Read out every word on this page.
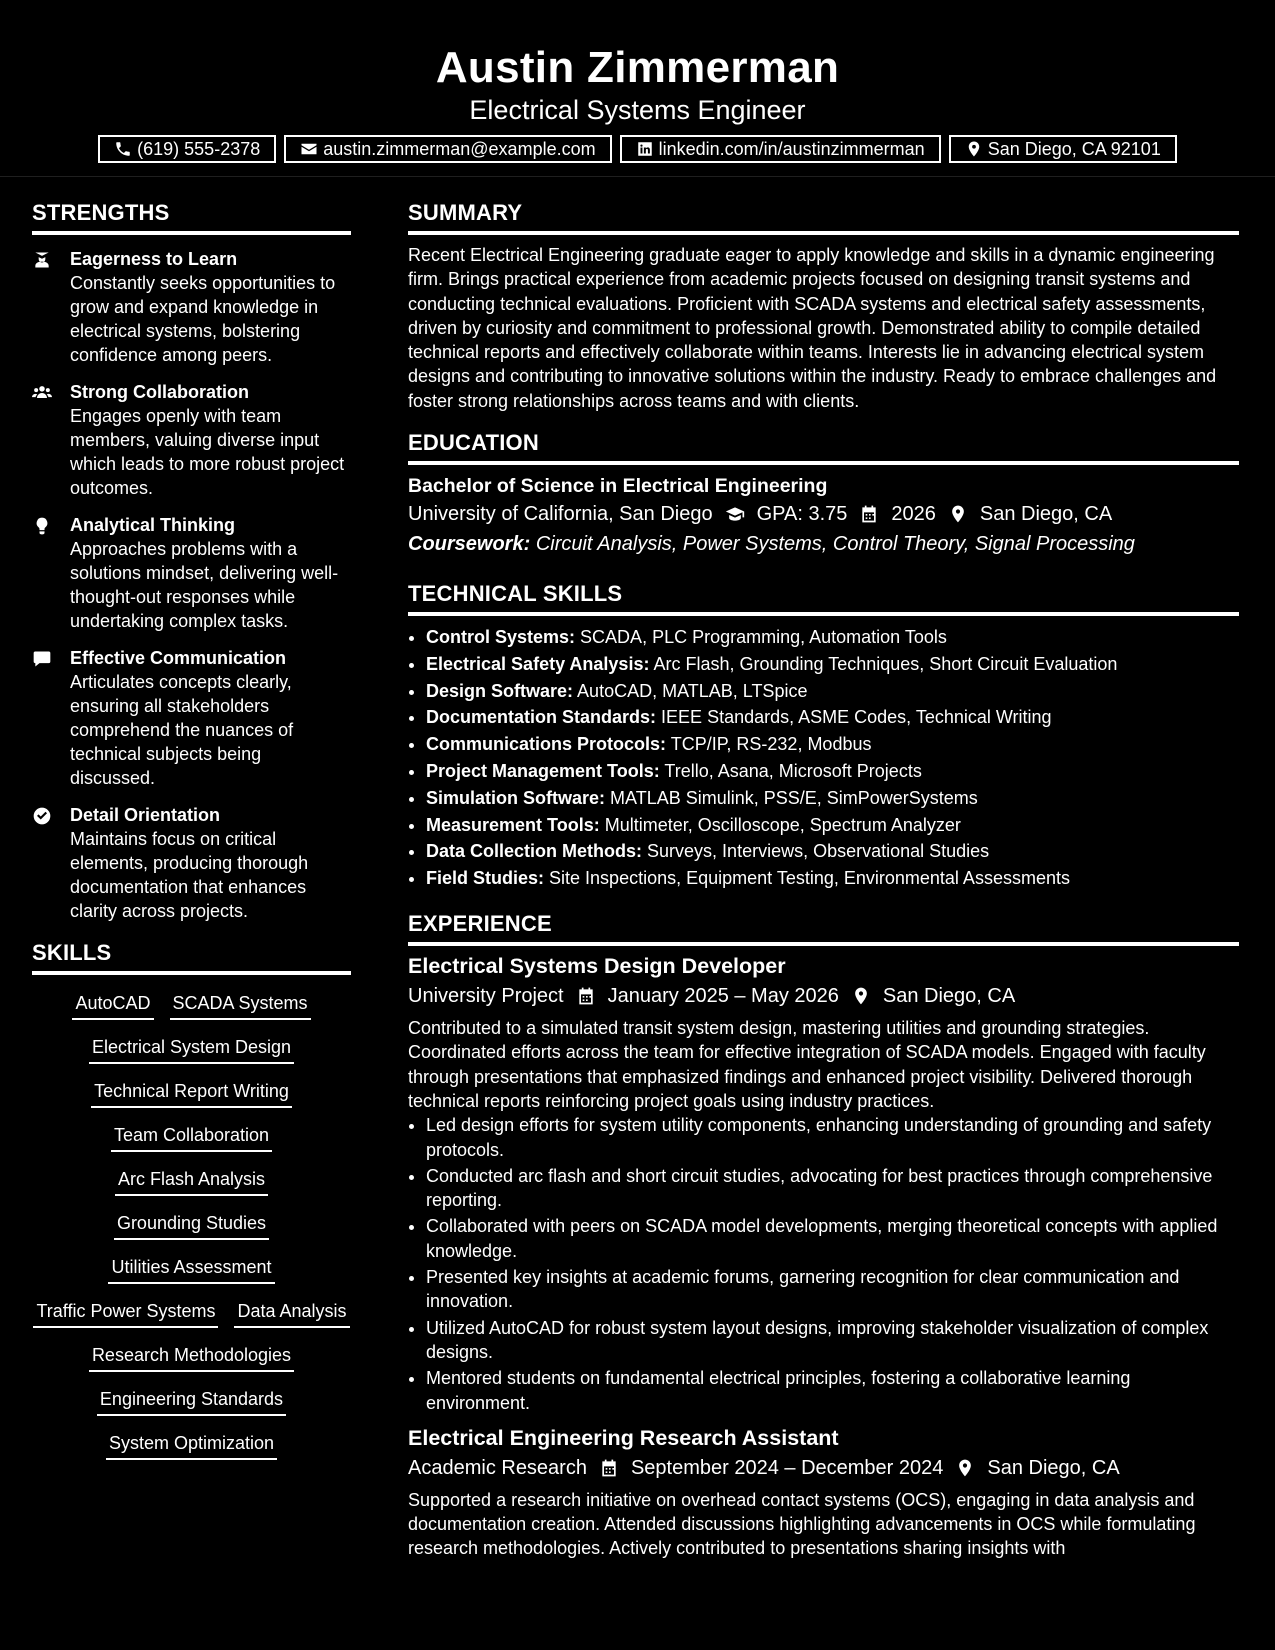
Austin Zimmerman
Electrical Systems Engineer
(619) 555-2378	austin.zimmerman@example.com	linkedin.com/in/austinzimmerman	San Diego, CA 92101
STRENGTHS
Eagerness to Learn
Constantly seeks opportunities to grow and expand knowledge in electrical systems, bolstering confidence among peers.
Strong Collaboration
Engages openly with team members, valuing diverse input which leads to more robust project outcomes.
Analytical Thinking
Approaches problems with a solutions mindset, delivering well-thought-out responses while undertaking complex tasks.
Effective Communication
Articulates concepts clearly, ensuring all stakeholders comprehend the nuances of technical subjects being discussed.
Detail Orientation
Maintains focus on critical elements, producing thorough documentation that enhances clarity across projects.
SKILLS
AutoCAD SCADA Systems
Electrical System Design
Technical Report Writing
Team Collaboration
Arc Flash Analysis
Grounding Studies
Utilities Assessment
Traffic Power Systems Data Analysis
Research Methodologies
Engineering Standards
System Optimization
SUMMARY
Recent Electrical Engineering graduate eager to apply knowledge and skills in a dynamic engineering firm. Brings practical experience from academic projects focused on designing transit systems and conducting technical evaluations. Proficient with SCADA systems and electrical safety assessments, driven by curiosity and commitment to professional growth. Demonstrated ability to compile detailed technical reports and effectively collaborate within teams. Interests lie in advancing electrical system designs and contributing to innovative solutions within the industry. Ready to embrace challenges and foster strong relationships across teams and with clients.
EDUCATION
Bachelor of Science in Electrical Engineering
University of California, San Diego GPA: 3.75 2026 San Diego, CA
Coursework: Circuit Analysis, Power Systems, Control Theory, Signal Processing
TECHNICAL SKILLS
• Control Systems: SCADA, PLC Programming, Automation Tools
• Electrical Safety Analysis: Arc Flash, Grounding Techniques, Short Circuit Evaluation
• Design Software: AutoCAD, MATLAB, LTSpice
• Documentation Standards: IEEE Standards, ASME Codes, Technical Writing
• Communications Protocols: TCP/IP, RS-232, Modbus
• Project Management Tools: Trello, Asana, Microsoft Projects
• Simulation Software: MATLAB Simulink, PSS/E, SimPowerSystems
• Measurement Tools: Multimeter, Oscilloscope, Spectrum Analyzer
• Data Collection Methods: Surveys, Interviews, Observational Studies
• Field Studies: Site Inspections, Equipment Testing, Environmental Assessments
EXPERIENCE
Electrical Systems Design Developer
University Project January 2025 – May 2026 San Diego, CA
Contributed to a simulated transit system design, mastering utilities and grounding strategies. Coordinated efforts across the team for effective integration of SCADA models. Engaged with faculty through presentations that emphasized findings and enhanced project visibility. Delivered thorough technical reports reinforcing project goals using industry practices.
• Led design efforts for system utility components, enhancing understanding of grounding and safety protocols.
• Conducted arc flash and short circuit studies, advocating for best practices through comprehensive reporting.
• Collaborated with peers on SCADA model developments, merging theoretical concepts with applied knowledge.
• Presented key insights at academic forums, garnering recognition for clear communication and innovation.
• Utilized AutoCAD for robust system layout designs, improving stakeholder visualization of complex designs.
• Mentored students on fundamental electrical principles, fostering a collaborative learning environment.
Electrical Engineering Research Assistant
Academic Research September 2024 – December 2024 San Diego, CA
Supported a research initiative on overhead contact systems (OCS), engaging in data analysis and documentation creation. Attended discussions highlighting advancements in OCS while formulating research methodologies. Actively contributed to presentations sharing insights with
